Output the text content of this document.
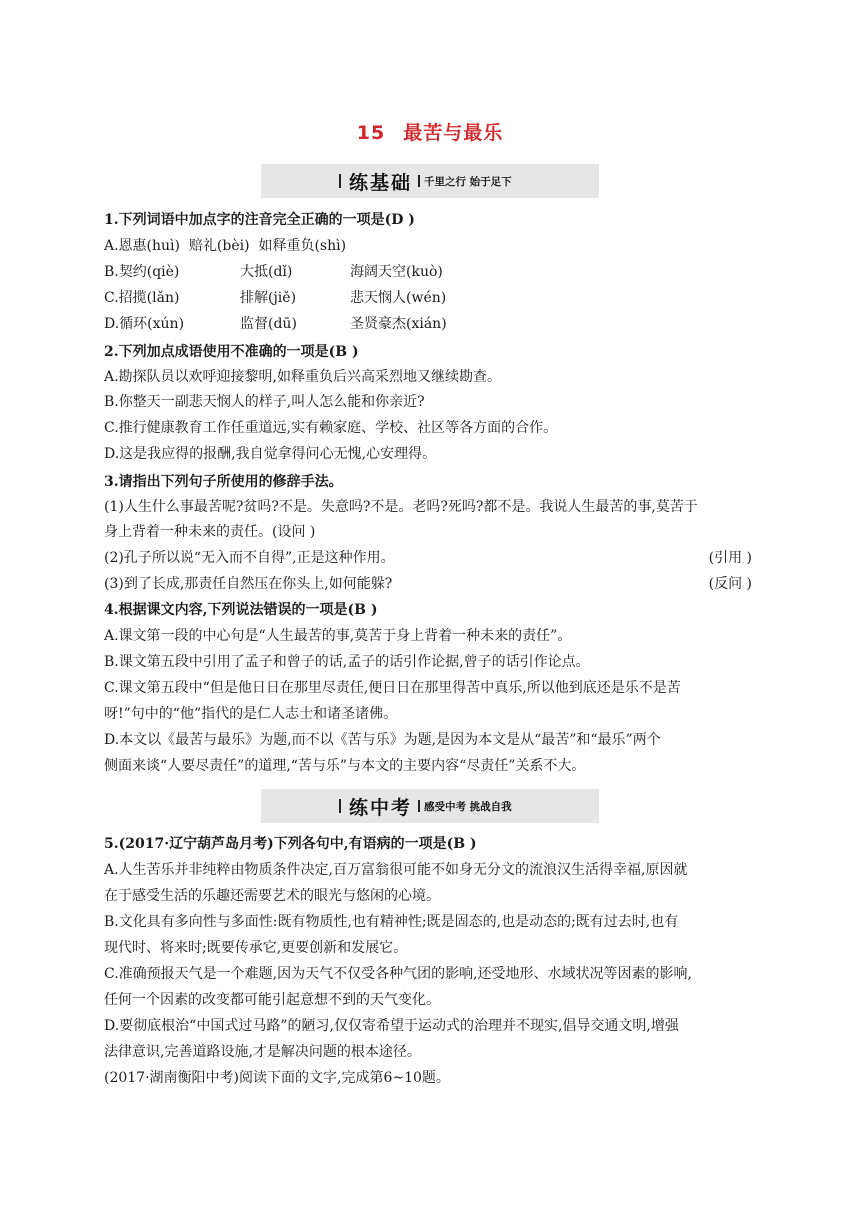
15 最苦与最乐
练基础 千里之行 始于足下
1.下列词语中加点字的注音完全正确的一项是(D )
A.恩惠(huì) 赔礼(bèi) 如释重负(shì)
B.契约(qiè)	大抵(dǐ)	海阔天空(kuò)
C.招揽(lǎn)	排解(jiě)	悲天悯人(wén)
D.循环(xún)	监督(dū)	圣贤豪杰(xián)
2.下列加点成语使用不准确的一项是(B )
A.勘探队员以欢呼迎接黎明,如释重负后兴高采烈地又继续勘查。
B.你整天一副悲天悯人的样子,叫人怎么能和你亲近?
C.推行健康教育工作任重道远,实有赖家庭、学校、社区等各方面的合作。
D.这是我应得的报酬,我自觉拿得问心无愧,心安理得。
3.请指出下列句子所使用的修辞手法。
(1)人生什么事最苦呢?贫吗?不是。失意吗?不是。老吗?死吗?都不是。我说人生最苦的事,莫苦于
身上背着一种未来的责任。(设问 )
(2)孔子所以说“无入而不自得”,正是这种作用。	(引用 )
(3)到了长成,那责任自然压在你头上,如何能躲?	(反问 )
4.根据课文内容,下列说法错误的一项是(B )
A.课文第一段的中心句是“人生最苦的事,莫苦于身上背着一种未来的责任”。
B.课文第五段中引用了孟子和曾子的话,孟子的话引作论据,曾子的话引作论点。
C.课文第五段中“但是他日日在那里尽责任,便日日在那里得苦中真乐,所以他到底还是乐不是苦
呀!”句中的“他”指代的是仁人志士和诸圣诸佛。
D.本文以《最苦与最乐》为题,而不以《苦与乐》为题,是因为本文是从“最苦”和“最乐”两个
侧面来谈“人要尽责任”的道理,“苦与乐”与本文的主要内容“尽责任”关系不大。
练中考 感受中考 挑战自我
5.(2017·辽宁葫芦岛月考)下列各句中,有语病的一项是(B )
A.人生苦乐并非纯粹由物质条件决定,百万富翁很可能不如身无分文的流浪汉生活得幸福,原因就
在于感受生活的乐趣还需要艺术的眼光与悠闲的心境。
B.文化具有多向性与多面性:既有物质性,也有精神性;既是固态的,也是动态的;既有过去时,也有
现代时、将来时;既要传承它,更要创新和发展它。
C.准确预报天气是一个难题,因为天气不仅受各种气团的影响,还受地形、水域状况等因素的影响,
任何一个因素的改变都可能引起意想不到的天气变化。
D.要彻底根治“中国式过马路”的陋习,仅仅寄希望于运动式的治理并不现实,倡导交通文明,增强
法律意识,完善道路设施,才是解决问题的根本途径。
(2017·湖南衡阳中考)阅读下面的文字,完成第6~10题。
